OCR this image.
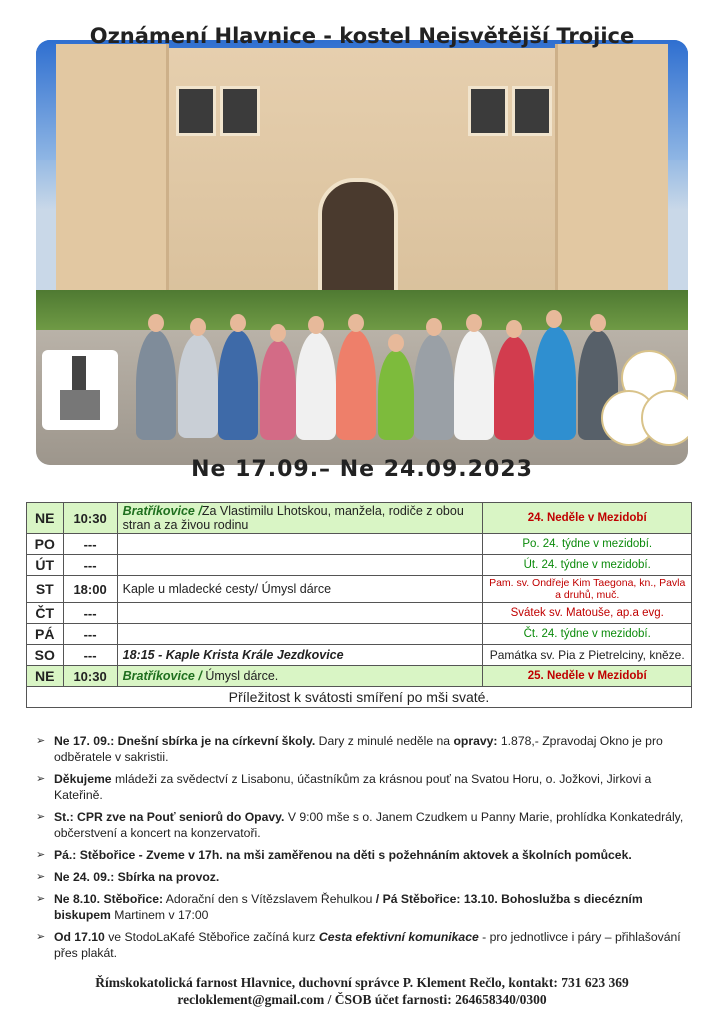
Oznámení Hlavnice - kostel Nejsvětější Trojice
Ne 17.09.– Ne 24.09.2023
NE	10:30	Bratříkovice /Za Vlastimilu Lhotskou, manžela, rodiče z obou stran a za živou rodinu	24. Neděle v Mezidobí
PO	---		Po. 24. týdne v mezidobí.
ÚT	---		Út. 24. týdne v mezidobí.
ST	18:00	Kaple u mladecké cesty/ Úmysl dárce	Pam. sv. Ondřeje Kim Taegona, kn., Pavla a druhů, muč.
ČT	---		Svátek sv. Matouše, ap.a evg.
PÁ	---		Čt. 24. týdne v mezidobí.
SO	---	18:15 - Kaple Krista Krále Jezdkovice	Památka sv. Pia z Pietrelciny, kněze.
NE	10:30	Bratříkovice / Úmysl dárce.	25. Neděle v Mezidobí
Příležitost k svátosti smíření po mši svaté.			
➢ Ne 17. 09.: Dnešní sbírka je na církevní školy. Dary z minulé neděle na opravy: 1.878,- Zpravodaj Okno je pro odběratele v sakristii.
➢ Děkujeme mládeži za svědectví z Lisabonu, účastníkům za krásnou pouť na Svatou Horu, o. Jožkovi, Jirkovi a Kateřině.
➢ St.: CPR zve na Pouť seniorů do Opavy. V 9:00 mše s o. Janem Czudkem u Panny Marie, prohlídka Konkatedrály, občerstvení a koncert na konzervatoři.
➢ Pá.: Stěbořice - Zveme v 17h. na mši zaměřenou na děti s požehnáním aktovek a školních pomůcek.
➢ Ne 24. 09.: Sbírka na provoz.
➢ Ne 8.10. Stěbořice: Adorační den s Vítězslavem Řehulkou / Pá Stěbořice: 13.10. Bohoslužba s diecézním biskupem Martinem v 17:00
➢ Od 17.10 ve StodoLaKafé Stěbořice začíná kurz Cesta efektivní komunikace - pro jednotlivce i páry – přihlašování přes plakát.
Římskokatolická farnost Hlavnice, duchovní správce P. Klement Rečlo, kontakt: 731 623 369
recloklement@gmail.com / ČSOB účet farnosti: 264658340/0300
